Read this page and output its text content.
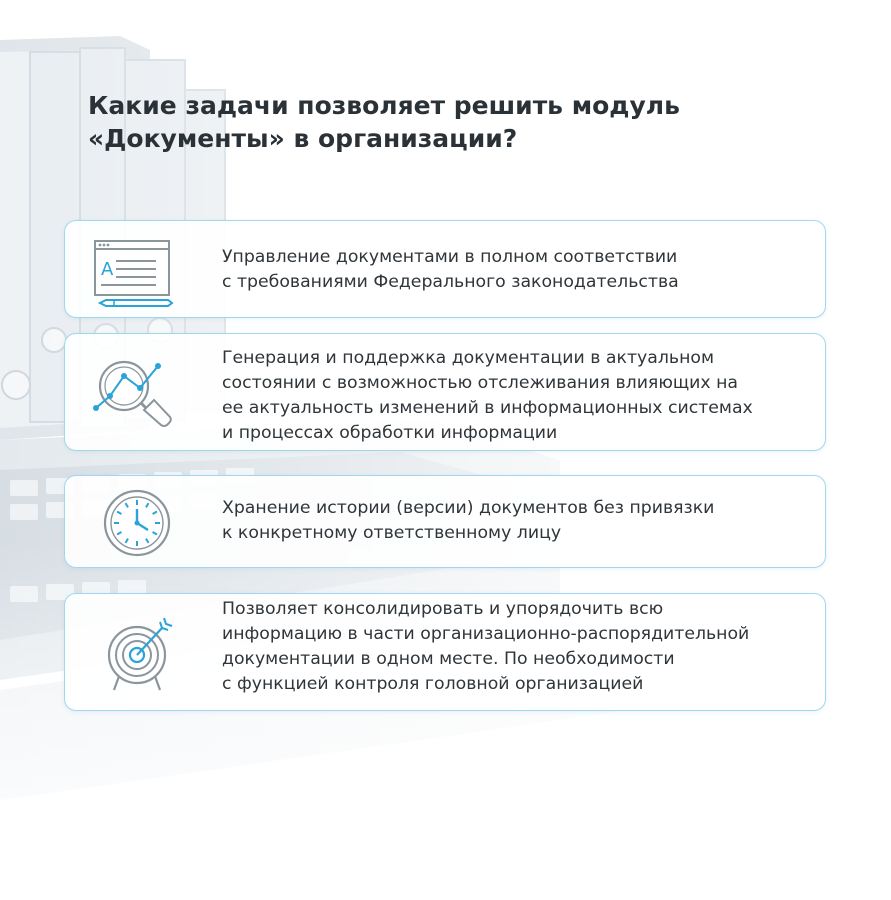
Какие задачи позволяет решить модуль
«Документы» в организации?
A

Управление документами в полном соответствии
с требованиями Федерального законодательства

Генерация и поддержка документации в актуальном
состоянии с возможностью отслеживания влияющих на
ее актуальность изменений в информационных системах
и процессах обработки информации

Хранение истории (версии) документов без привязки
к конкретному ответственному лицу

Позволяет консолидировать и упорядочить всю
информацию в части организационно-распорядительной
документации в одном месте. По необходимости
с функцией контроля головной организацией
